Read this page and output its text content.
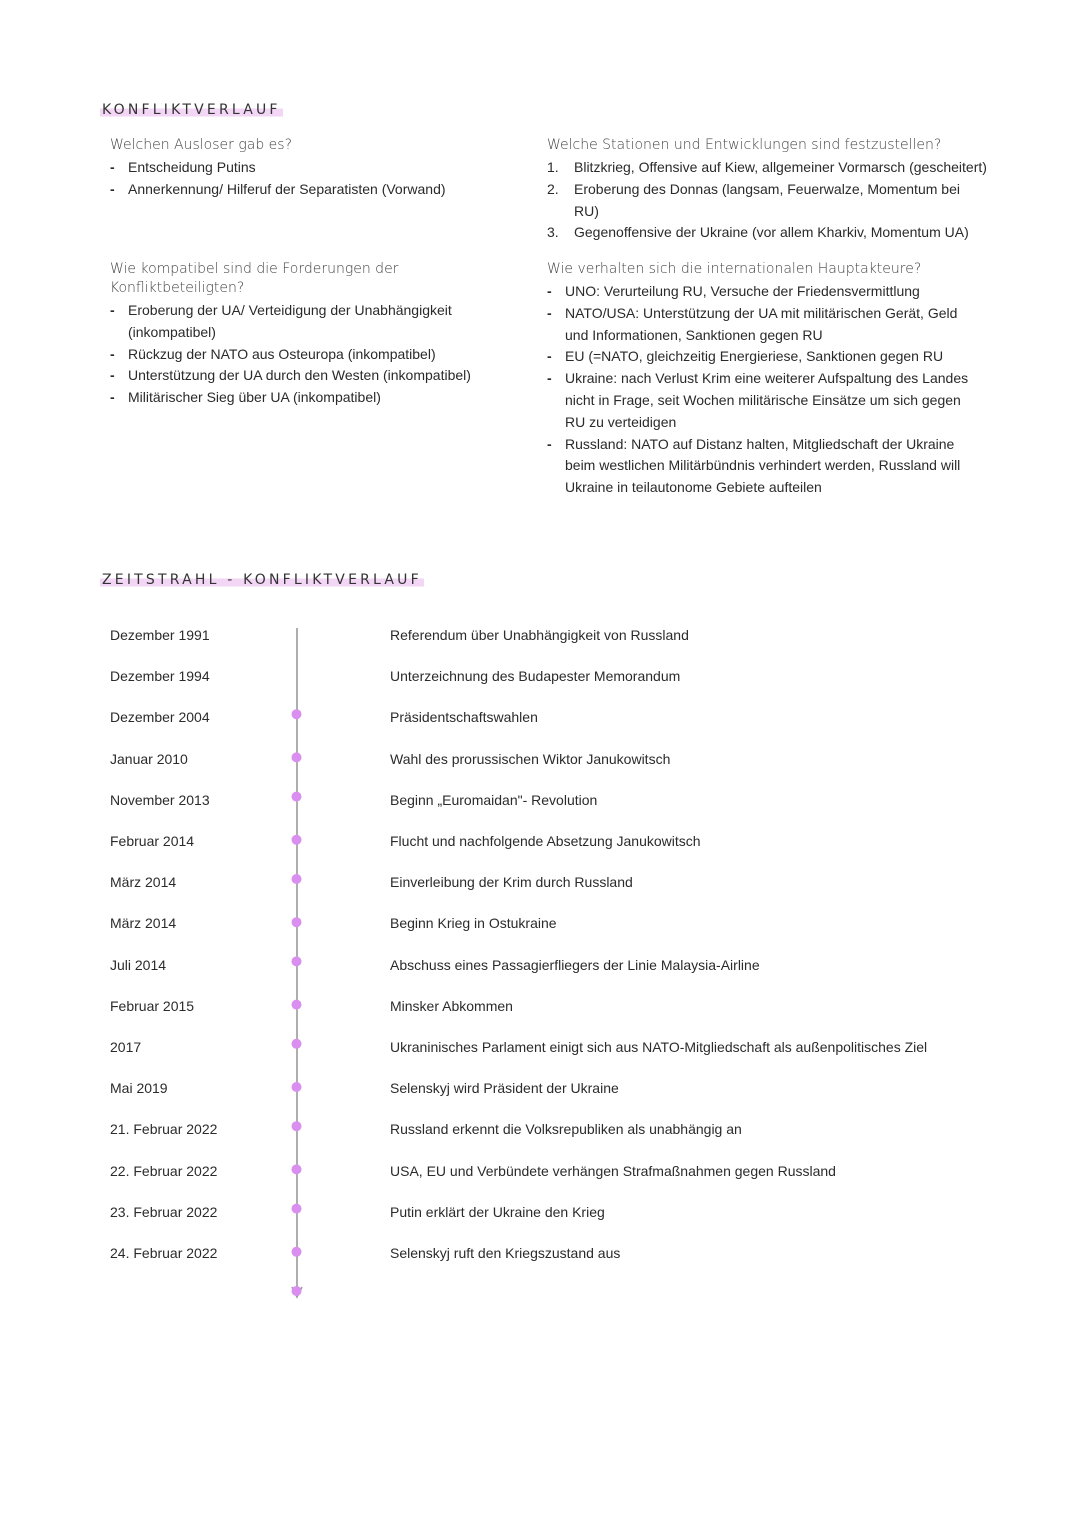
KONFLIKTVERLAUF

Welchen Ausloser gab es?

- Entscheidung Putins
- Annerkennung/ Hilferuf der Separatisten (Vorwand)

Welche Stationen und Entwicklungen sind festzustellen?

1. Blitzkrieg, Offensive auf Kiew, allgemeiner Vormarsch (gescheitert)
2. Eroberung des Donnas (langsam, Feuerwalze, Momentum bei RU)
3. Gegenoffensive der Ukraine (vor allem Kharkiv, Momentum UA)

Wie kompatibel sind die Forderungen der Konfliktbeteiligten?

- Eroberung der UA/ Verteidigung der Unabhängigkeit (inkompatibel)
- Rückzug der NATO aus Osteuropa (inkompatibel)
- Unterstützung der UA durch den Westen (inkompatibel)
- Militärischer Sieg über UA (inkompatibel)

Wie verhalten sich die internationalen Hauptakteure?

- UNO: Verurteilung RU, Versuche der Friedensvermittlung
- NATO/USA: Unterstützung der UA mit militärischen Gerät, Geld und Informationen, Sanktionen gegen RU
- EU (=NATO, gleichzeitig Energieriese, Sanktionen gegen RU
- Ukraine: nach Verlust Krim eine weiterer Aufspaltung des Landes nicht in Frage, seit Wochen militärische Einsätze um sich gegen RU zu verteidigen
- Russland: NATO auf Distanz halten, Mitgliedschaft der Ukraine beim westlichen Militärbündnis verhindert werden, Russland will Ukraine in teilautonome Gebiete aufteilen
ZEITSTRAHL - KONFLIKTVERLAUF
Dezember 1991	Referendum über Unabhängigkeit von Russland
Dezember 1994	Unterzeichnung des Budapester Memorandum
Dezember 2004	Präsidentschaftswahlen
Januar 2010	Wahl des prorussischen Wiktor Janukowitsch
November 2013	Beginn „Euromaidan"- Revolution
Februar 2014	Flucht und nachfolgende Absetzung Janukowitsch
März 2014	Einverleibung der Krim durch Russland
März 2014	Beginn Krieg in Ostukraine
Juli 2014	Abschuss eines Passagierfliegers der Linie Malaysia-Airline
Februar 2015	Minsker Abkommen
2017	Ukraninisches Parlament einigt sich aus NATO-Mitgliedschaft als außenpolitisches Ziel
Mai 2019	Selenskyj wird Präsident der Ukraine
21. Februar 2022	Russland erkennt die Volksrepubliken als unabhängig an
22. Februar 2022	USA, EU und Verbündete verhängen Strafmaßnahmen gegen Russland
23. Februar 2022	Putin erklärt der Ukraine den Krieg
24. Februar 2022	Selenskyj ruft den Kriegszustand aus
